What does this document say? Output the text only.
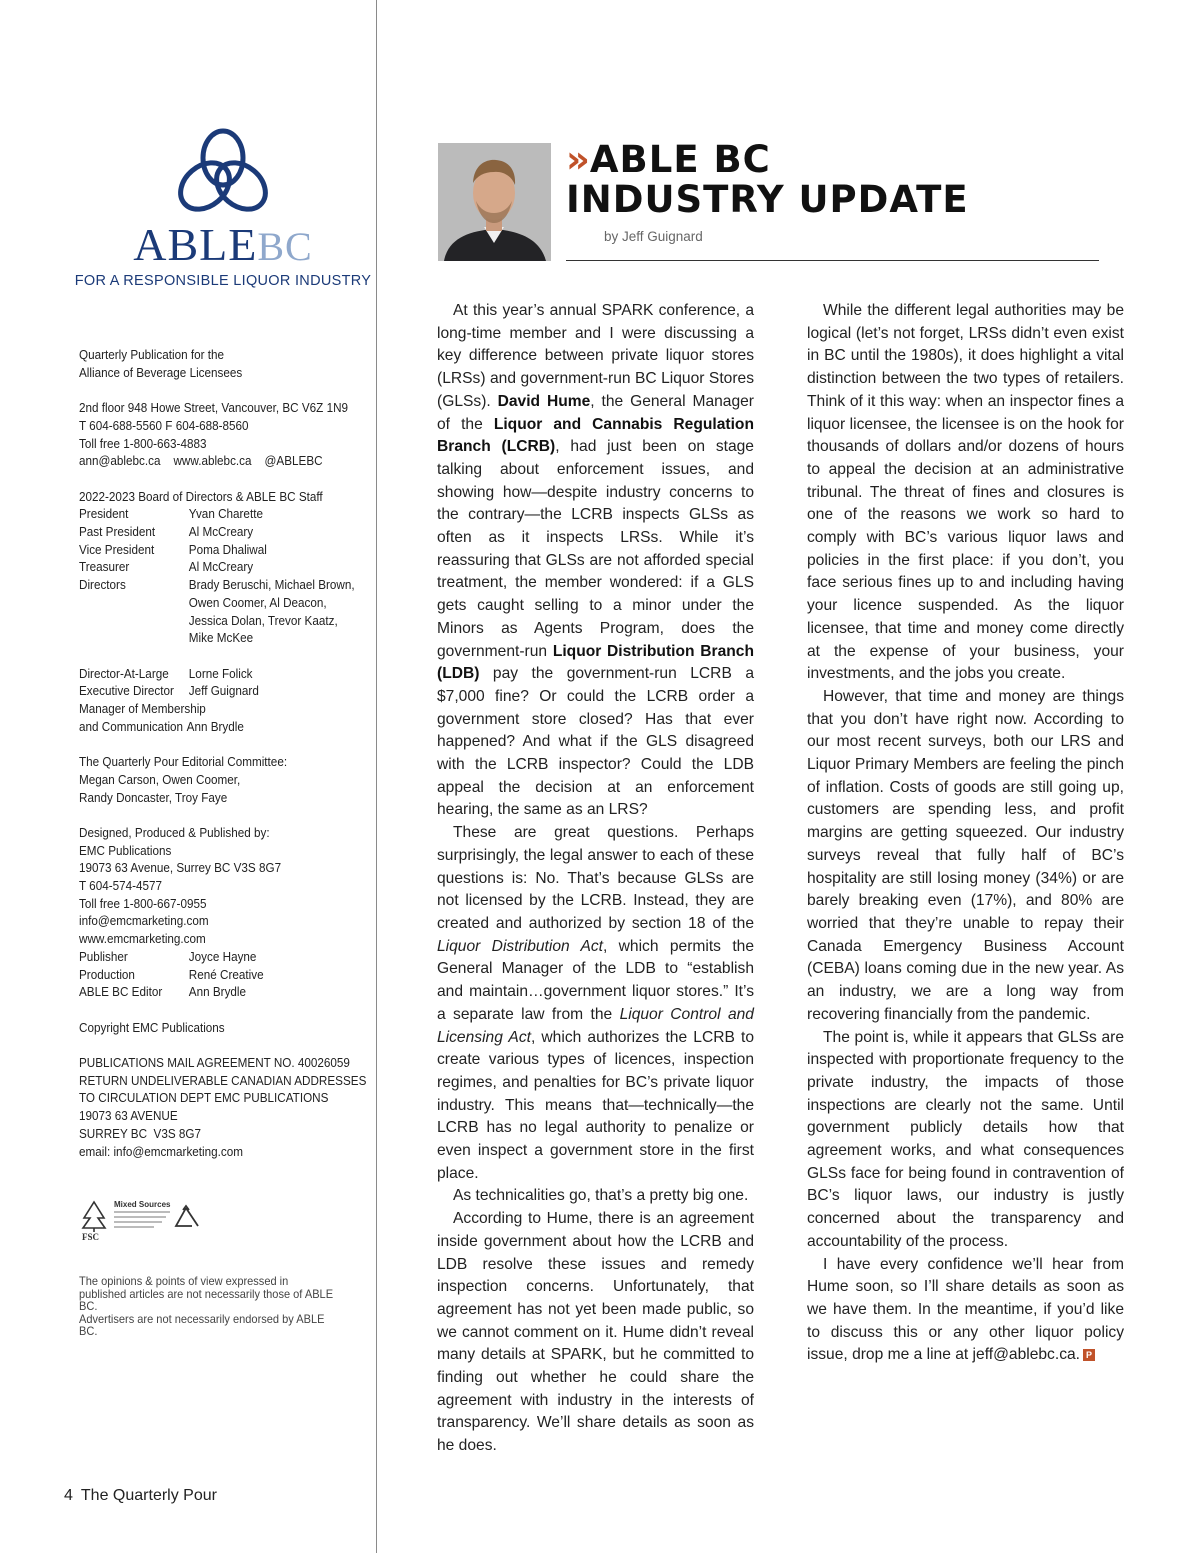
ABLEBC
FOR A RESPONSIBLE LIQUOR INDUSTRY
Quarterly Publication for the
Alliance of Beverage Licensees
2nd floor 948 Howe Street, Vancouver, BC V6Z 1N9
T 604-688-5560 F 604-688-8560
Toll free 1-800-663-4883
ann@ablebc.ca    www.ablebc.ca    @ABLEBC
2022-2023 Board of Directors & ABLE BC Staff
President	Yvan Charette
Past President	Al McCreary
Vice President	Poma Dhaliwal
Treasurer	Al McCreary
Directors	Brady Beruschi, Michael Brown,
Owen Coomer, Al Deacon,
Jessica Dolan, Trevor Kaatz,
Mike McKee
Director-At-Large	Lorne Folick
Executive Director	Jeff Guignard
Manager of Membership
and Communication Ann Brydle
The Quarterly Pour Editorial Committee:
Megan Carson, Owen Coomer,
Randy Doncaster, Troy Faye
Designed, Produced & Published by:
EMC Publications
19073 63 Avenue, Surrey BC V3S 8G7
T 604-574-4577
Toll free 1-800-667-0955
info@emcmarketing.com
www.emcmarketing.com
Publisher	Joyce Hayne
Production	René Creative
ABLE BC Editor	Ann Brydle
Copyright EMC Publications
PUBLICATIONS MAIL AGREEMENT NO. 40026059
RETURN UNDELIVERABLE CANADIAN ADDRESSES
TO CIRCULATION DEPT EMC PUBLICATIONS
19073 63 AVENUE
SURREY BC  V3S 8G7
email: info@emcmarketing.com
FSC
Mixed Sources
The opinions & points of view expressed in
published articles are not necessarily those of ABLE BC.
Advertisers are not necessarily endorsed by ABLE BC.
4 The Quarterly Pour
» ABLE BC
INDUSTRY UPDATE
by Jeff Guignard

At this year’s annual SPARK conference, a long-time member and I were discussing a key difference between private liquor stores (LRSs) and government-run BC Liquor Stores (GLSs). David Hume, the General Manager of the Liquor and Cannabis Regulation Branch (LCRB), had just been on stage talking about enforcement issues, and showing how—despite industry concerns to the contrary—the LCRB inspects GLSs as often as it inspects LRSs. While it’s reassuring that GLSs are not afforded special treatment, the member wondered: if a GLS gets caught selling to a minor under the Minors as Agents Program, does the government-run Liquor Distribution Branch (LDB) pay the government-run LCRB a $7,000 fine? Or could the LCRB order a government store closed? Has that ever happened? And what if the GLS disagreed with the LCRB inspector? Could the LDB appeal the decision at an enforcement hearing, the same as an LRS?

These are great questions. Perhaps surprisingly, the legal answer to each of these questions is: No. That’s because GLSs are not licensed by the LCRB. Instead, they are created and authorized by section 18 of the Liquor Distribution Act, which permits the General Manager of the LDB to “establish and maintain…government liquor stores.” It’s a separate law from the Liquor Control and Licensing Act, which authorizes the LCRB to create various types of licences, inspection regimes, and penalties for BC’s private liquor industry. This means that—technically—the LCRB has no legal authority to penalize or even inspect a government store in the first place.

As technicalities go, that’s a pretty big one.

According to Hume, there is an agreement inside government about how the LCRB and LDB resolve these issues and remedy inspection concerns. Unfortunately, that agreement has not yet been made public, so we cannot comment on it. Hume didn’t reveal many details at SPARK, but he committed to finding out whether he could share the agreement with industry in the interests of transparency. We’ll share details as soon as he does.

While the different legal authorities may be logical (let’s not forget, LRSs didn’t even exist in BC until the 1980s), it does highlight a vital distinction between the two types of retailers. Think of it this way: when an inspector fines a liquor licensee, the licensee is on the hook for thousands of dollars and/or dozens of hours to appeal the decision at an administrative tribunal. The threat of fines and closures is one of the reasons we work so hard to comply with BC’s various liquor laws and policies in the first place: if you don’t, you face serious fines up to and including having your licence suspended. As the liquor licensee, that time and money come directly at the expense of your business, your investments, and the jobs you create.

However, that time and money are things that you don’t have right now. According to our most recent surveys, both our LRS and Liquor Primary Members are feeling the pinch of inflation. Costs of goods are still going up, customers are spending less, and profit margins are getting squeezed. Our industry surveys reveal that fully half of BC’s hospitality are still losing money (34%) or are barely breaking even (17%), and 80% are worried that they’re unable to repay their Canada Emergency Business Account (CEBA) loans coming due in the new year. As an industry, we are a long way from recovering financially from the pandemic.

The point is, while it appears that GLSs are inspected with proportionate frequency to the private industry, the impacts of those inspections are clearly not the same. Until government publicly details how that agreement works, and what consequences GLSs face for being found in contravention of BC’s liquor laws, our industry is justly concerned about the transparency and accountability of the process.

I have every confidence we’ll hear from Hume soon, so I’ll share details as soon as we have them. In the meantime, if you’d like to discuss this or any other liquor policy issue, drop me a line at jeff@ablebc.ca. P
